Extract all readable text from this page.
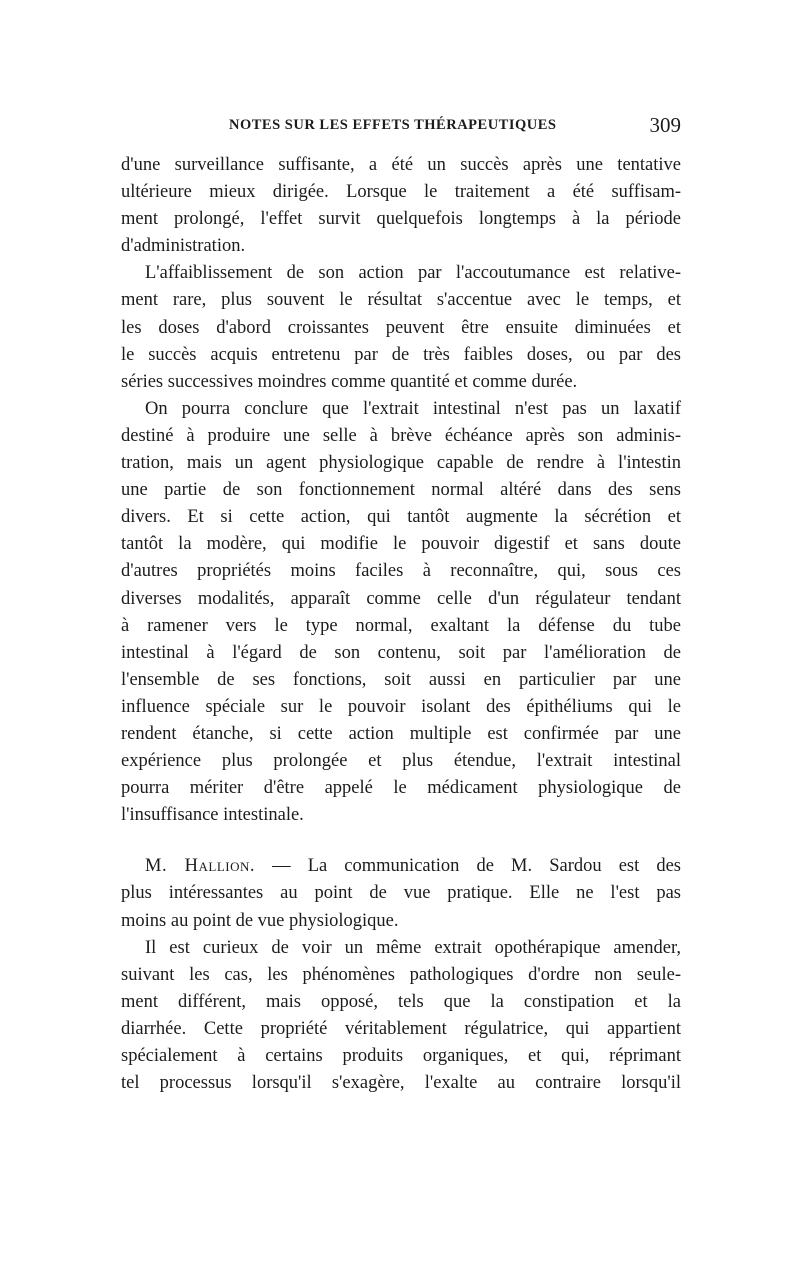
NOTES SUR LES EFFETS THÉRAPEUTIQUES	309
d'une surveillance suffisante, a été un succès après une tentative
ultérieure mieux dirigée. Lorsque le traitement a été suffisam-
ment prolongé, l'effet survit quelquefois longtemps à la période
d'administration.
L'affaiblissement de son action par l'accoutumance est relative-
ment rare, plus souvent le résultat s'accentue avec le temps, et
les doses d'abord croissantes peuvent être ensuite diminuées et
le succès acquis entretenu par de très faibles doses, ou par des
séries successives moindres comme quantité et comme durée.
On pourra conclure que l'extrait intestinal n'est pas un laxatif
destiné à produire une selle à brève échéance après son adminis-
tration, mais un agent physiologique capable de rendre à l'intestin
une partie de son fonctionnement normal altéré dans des sens
divers. Et si cette action, qui tantôt augmente la sécrétion et
tantôt la modère, qui modifie le pouvoir digestif et sans doute
d'autres propriétés moins faciles à reconnaître, qui, sous ces
diverses modalités, apparaît comme celle d'un régulateur tendant
à ramener vers le type normal, exaltant la défense du tube
intestinal à l'égard de son contenu, soit par l'amélioration de
l'ensemble de ses fonctions, soit aussi en particulier par une
influence spéciale sur le pouvoir isolant des épithéliums qui le
rendent étanche, si cette action multiple est confirmée par une
expérience plus prolongée et plus étendue, l'extrait intestinal
pourra mériter d'être appelé le médicament physiologique de
l'insuffisance intestinale.
M. Hallion. — La communication de M. Sardou est des
plus intéressantes au point de vue pratique. Elle ne l'est pas
moins au point de vue physiologique.
Il est curieux de voir un même extrait opothérapique amender,
suivant les cas, les phénomènes pathologiques d'ordre non seule-
ment différent, mais opposé, tels que la constipation et la
diarrhée. Cette propriété véritablement régulatrice, qui appartient
spécialement à certains produits organiques, et qui, réprimant
tel processus lorsqu'il s'exagère, l'exalte au contraire lorsqu'il
